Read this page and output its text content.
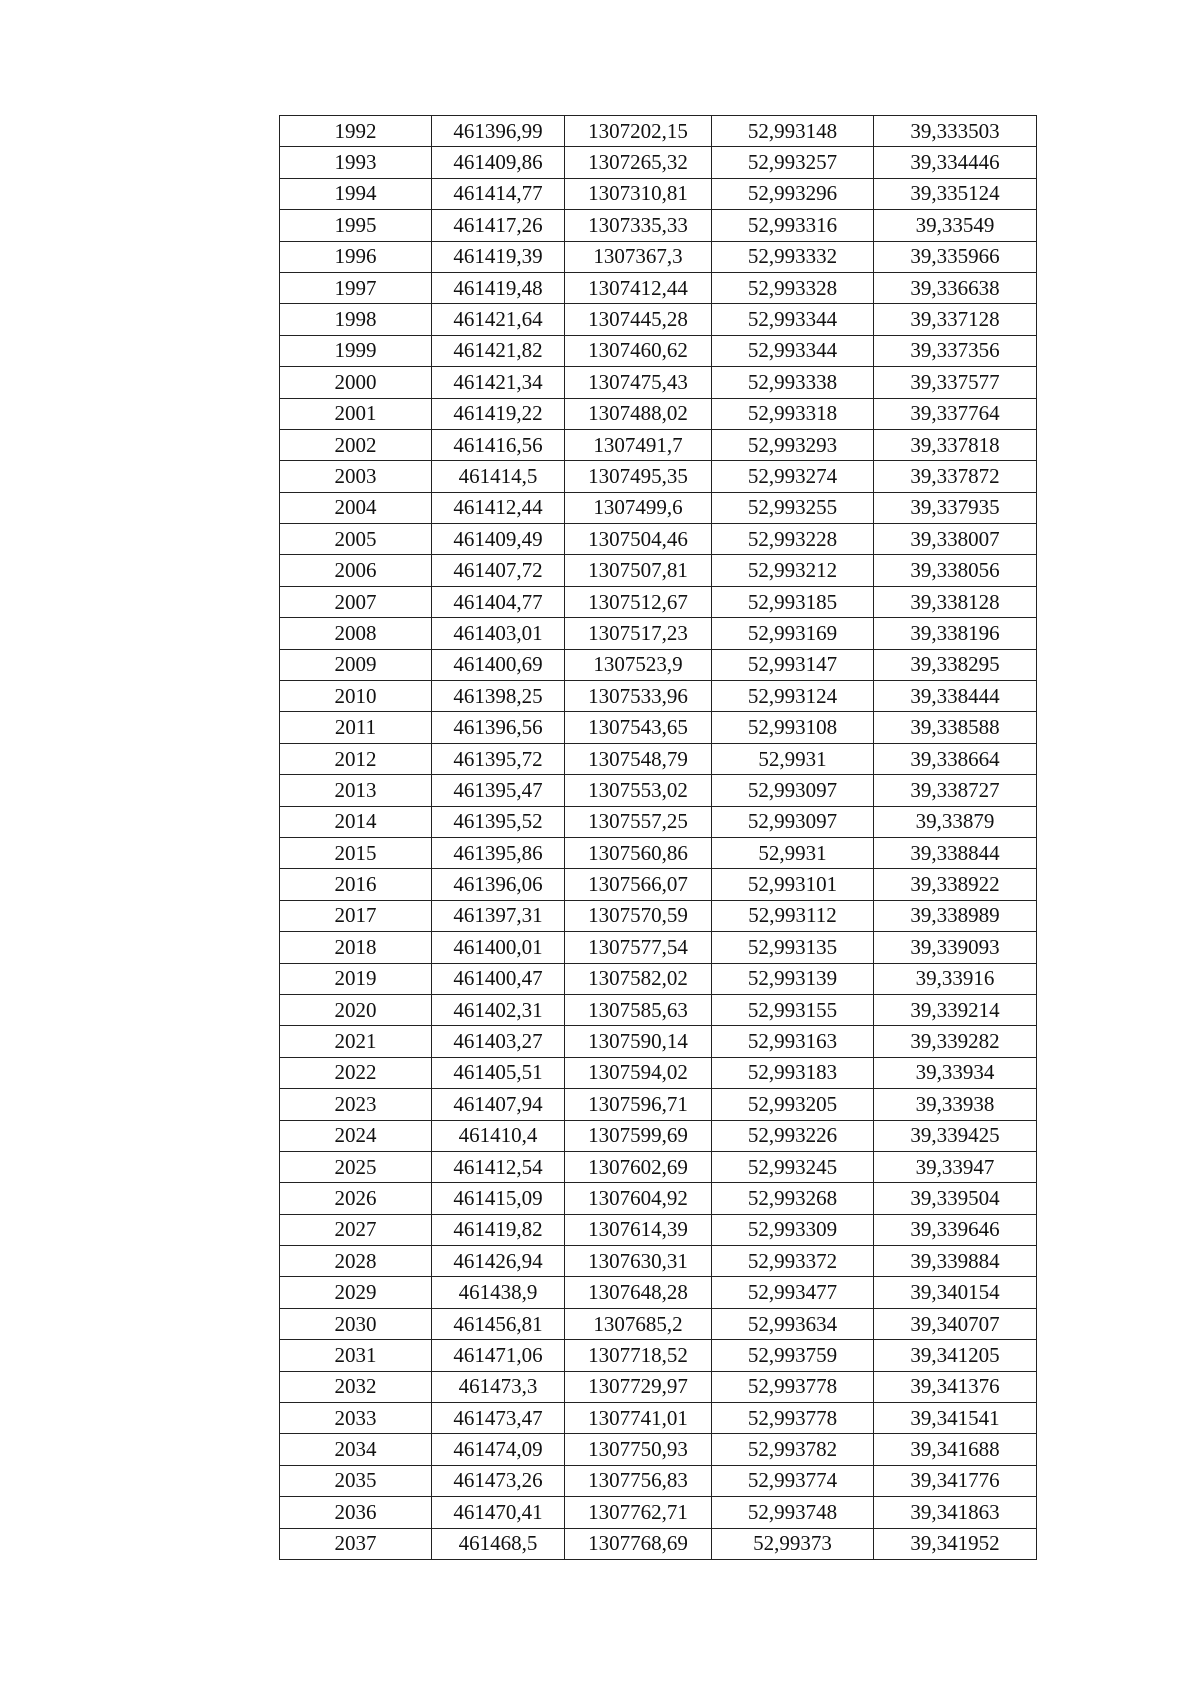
1992	461396,99	1307202,15	52,993148	39,333503
1993	461409,86	1307265,32	52,993257	39,334446
1994	461414,77	1307310,81	52,993296	39,335124
1995	461417,26	1307335,33	52,993316	39,33549
1996	461419,39	1307367,3	52,993332	39,335966
1997	461419,48	1307412,44	52,993328	39,336638
1998	461421,64	1307445,28	52,993344	39,337128
1999	461421,82	1307460,62	52,993344	39,337356
2000	461421,34	1307475,43	52,993338	39,337577
2001	461419,22	1307488,02	52,993318	39,337764
2002	461416,56	1307491,7	52,993293	39,337818
2003	461414,5	1307495,35	52,993274	39,337872
2004	461412,44	1307499,6	52,993255	39,337935
2005	461409,49	1307504,46	52,993228	39,338007
2006	461407,72	1307507,81	52,993212	39,338056
2007	461404,77	1307512,67	52,993185	39,338128
2008	461403,01	1307517,23	52,993169	39,338196
2009	461400,69	1307523,9	52,993147	39,338295
2010	461398,25	1307533,96	52,993124	39,338444
2011	461396,56	1307543,65	52,993108	39,338588
2012	461395,72	1307548,79	52,9931	39,338664
2013	461395,47	1307553,02	52,993097	39,338727
2014	461395,52	1307557,25	52,993097	39,33879
2015	461395,86	1307560,86	52,9931	39,338844
2016	461396,06	1307566,07	52,993101	39,338922
2017	461397,31	1307570,59	52,993112	39,338989
2018	461400,01	1307577,54	52,993135	39,339093
2019	461400,47	1307582,02	52,993139	39,33916
2020	461402,31	1307585,63	52,993155	39,339214
2021	461403,27	1307590,14	52,993163	39,339282
2022	461405,51	1307594,02	52,993183	39,33934
2023	461407,94	1307596,71	52,993205	39,33938
2024	461410,4	1307599,69	52,993226	39,339425
2025	461412,54	1307602,69	52,993245	39,33947
2026	461415,09	1307604,92	52,993268	39,339504
2027	461419,82	1307614,39	52,993309	39,339646
2028	461426,94	1307630,31	52,993372	39,339884
2029	461438,9	1307648,28	52,993477	39,340154
2030	461456,81	1307685,2	52,993634	39,340707
2031	461471,06	1307718,52	52,993759	39,341205
2032	461473,3	1307729,97	52,993778	39,341376
2033	461473,47	1307741,01	52,993778	39,341541
2034	461474,09	1307750,93	52,993782	39,341688
2035	461473,26	1307756,83	52,993774	39,341776
2036	461470,41	1307762,71	52,993748	39,341863
2037	461468,5	1307768,69	52,99373	39,341952
